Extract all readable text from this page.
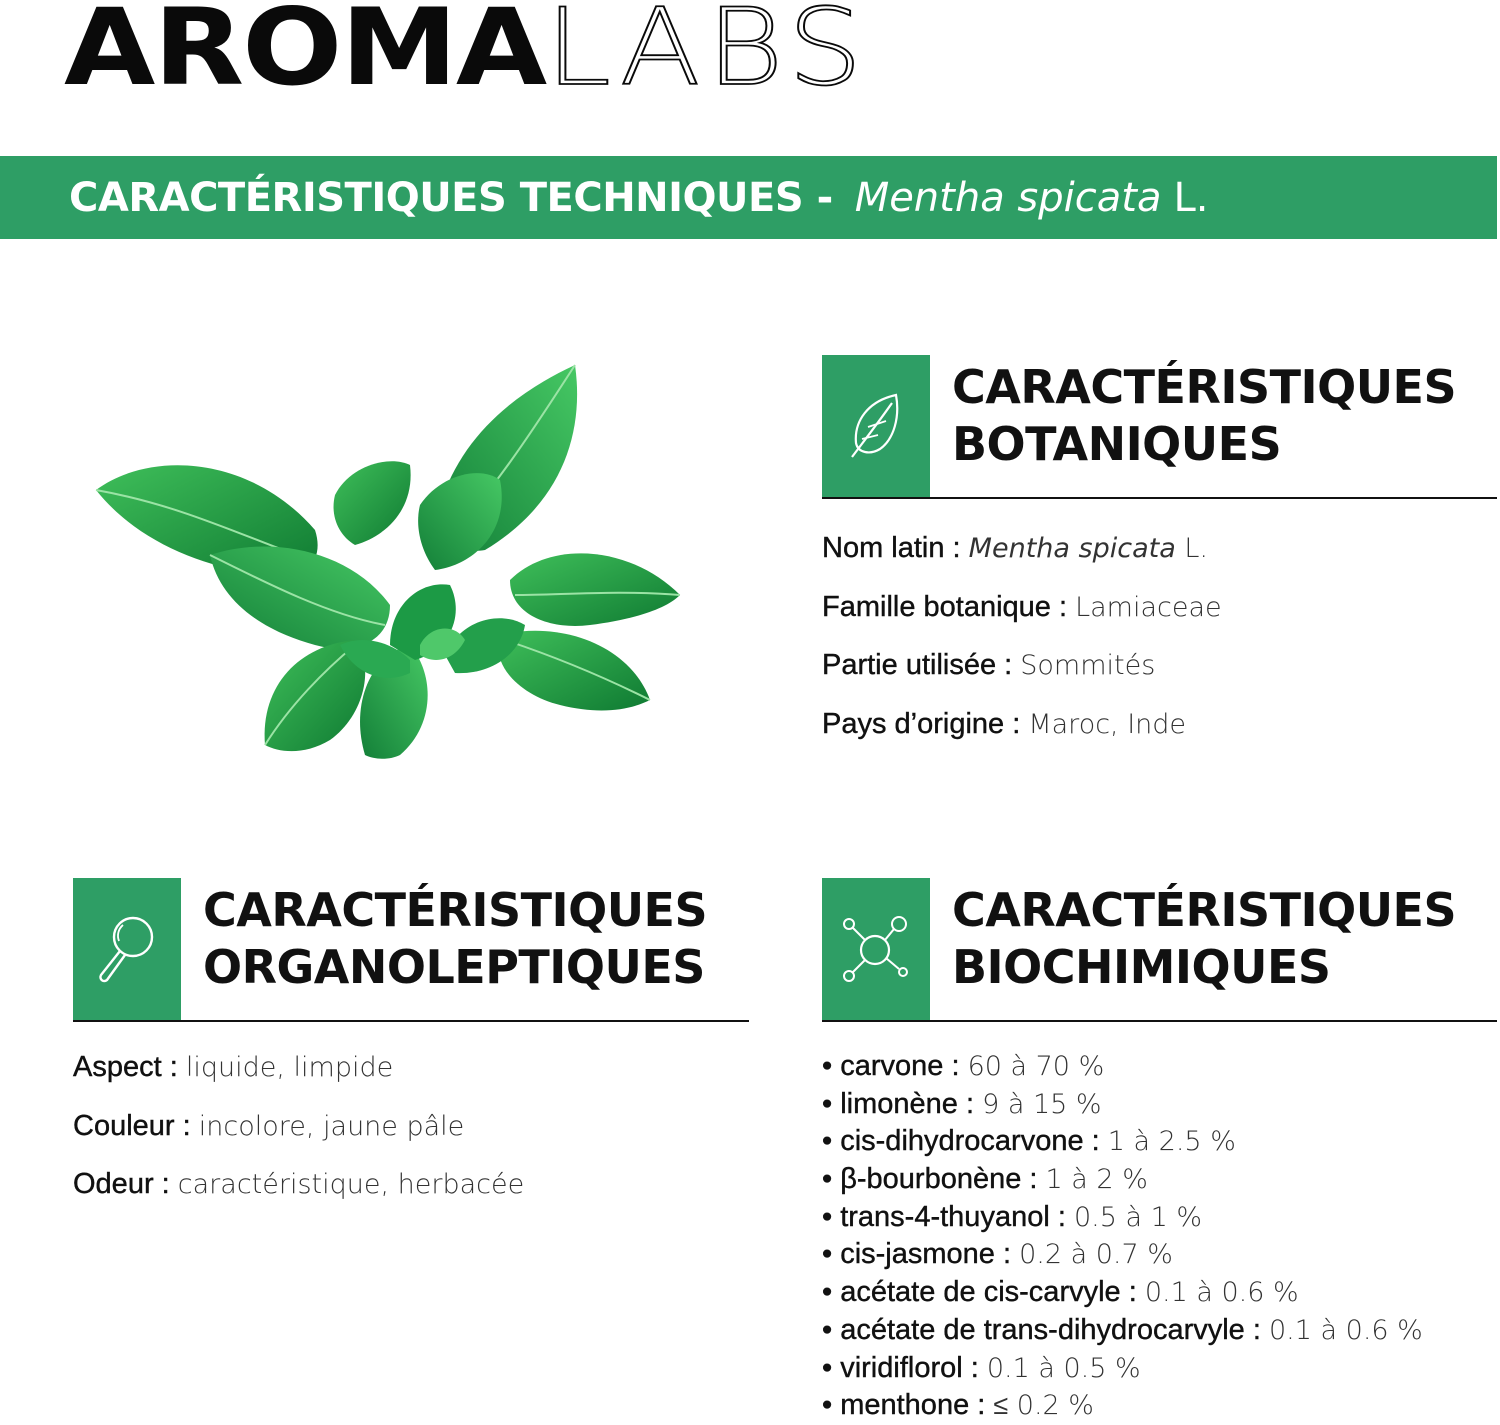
AROMALABS
CARACTÉRISTIQUES TECHNIQUES - Mentha spicata L.
CARACTÉRISTIQUES
BOTANIQUES
Nom latin : Mentha spicata L.
Famille botanique : Lamiaceae
Partie utilisée : Sommités
Pays d’origine : Maroc, Inde
CARACTÉRISTIQUES
ORGANOLEPTIQUES
Aspect : liquide, limpide
Couleur : incolore, jaune pâle
Odeur : caractéristique, herbacée
CARACTÉRISTIQUES
BIOCHIMIQUES
• carvone : 60 à 70 %
• limonène : 9 à 15 %
• cis-dihydrocarvone : 1 à 2.5 %
• β-bourbonène : 1 à 2 %
• trans-4-thuyanol : 0.5 à 1 %
• cis-jasmone : 0.2 à 0.7 %
• acétate de cis-carvyle : 0.1 à 0.6 %
• acétate de trans-dihydrocarvyle : 0.1 à 0.6 %
• viridiflorol : 0.1 à 0.5 %
• menthone : ≤ 0.2 %
